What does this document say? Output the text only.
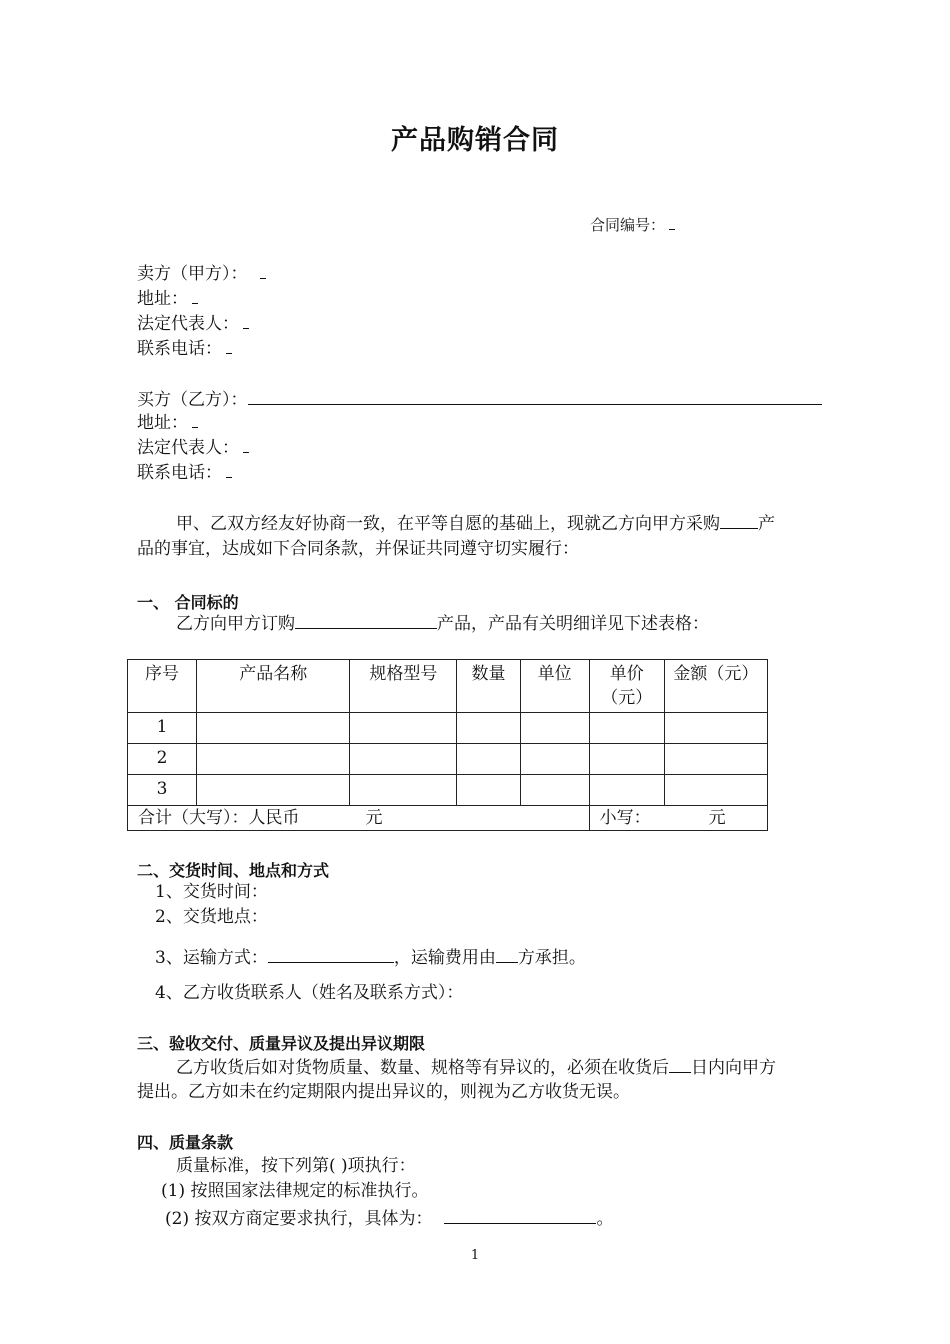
产品购销合同
合同编号：
卖方（甲方）：
地址：
法定代表人：
联系电话：
买方（乙方）：
地址：
法定代表人：
联系电话：
甲、乙双方经友好协商一致，在平等自愿的基础上，现就乙方向甲方采购 产
品的事宜，达成如下合同条款，并保证共同遵守切实履行：
一、 合同标的
乙方向甲方订购	产品，产品有关明细详见下述表格：
序号	产品名称	规格型号	数量	单位	单价（元）	金额（元）
1						
2						
3						
合计（大写）：人民币 元					小写： 元	
二、交货时间、地点和方式
1、交货时间：
2、交货地点：
3、运输方式：	，运输费用由 方承担。
4、乙方收货联系人（姓名及联系方式）：
三、验收交付、质量异议及提出异议期限
乙方收货后如对货物质量、数量、规格等有异议的，必须在收货后 日内向甲方
提出。乙方如未在约定期限内提出异议的，则视为乙方收货无误。
四、质量条款
质量标准，按下列第( )项执行：
(1) 按照国家法律规定的标准执行。
(2) 按双方商定要求执行，具体为：	。
1
